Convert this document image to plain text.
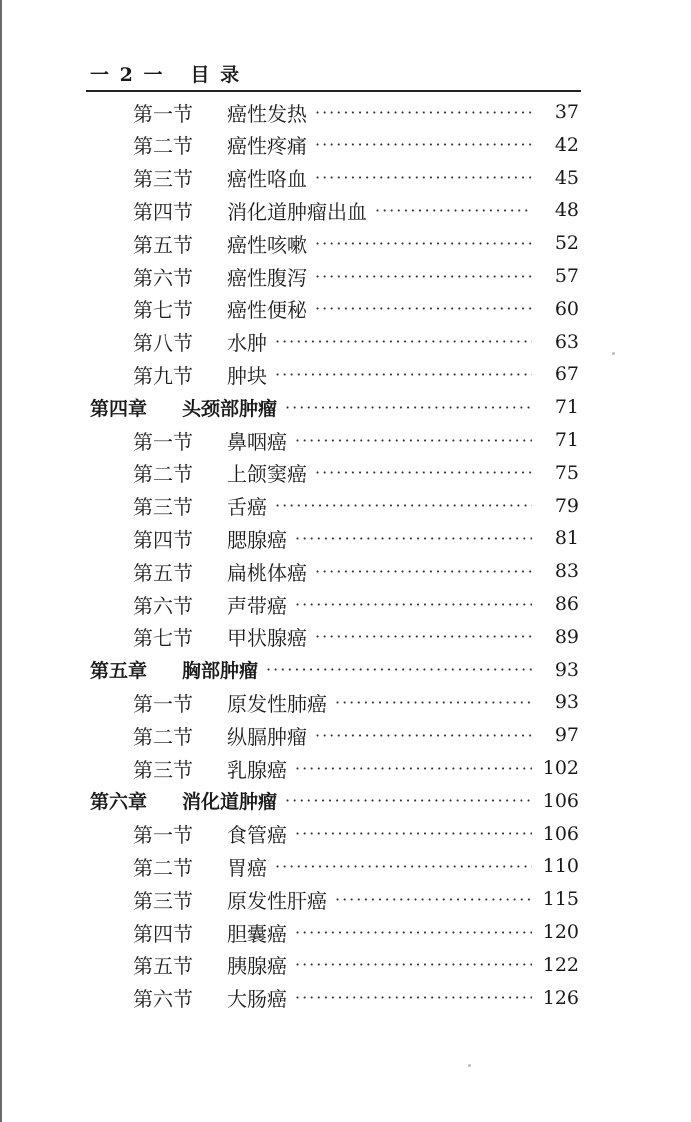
一 2 一 目 录
第一节	癌性发热 ·····	37
第二节	癌性疼痛 ·····	42
第三节	癌性咯血 ·····	45
第四节	消化道肿瘤出血 ·····	48
第五节	癌性咳嗽 ·····	52
第六节	癌性腹泻 ·····	57
第七节	癌性便秘 ·····	60
第八节	水肿 ·····	63
第九节	肿块 ·····	67
第四章	头颈部肿瘤 ·····	71
第一节	鼻咽癌 ·····	71
第二节	上颌窦癌 ·····	75
第三节	舌癌 ·····	79
第四节	腮腺癌 ·····	81
第五节	扁桃体癌 ·····	83
第六节	声带癌 ·····	86
第七节	甲状腺癌 ·····	89
第五章	胸部肿瘤 ·····	93
第一节	原发性肺癌 ·····	93
第二节	纵膈肿瘤 ·····	97
第三节	乳腺癌 ·····	102
第六章	消化道肿瘤 ·····	106
第一节	食管癌 ·····	106
第二节	胃癌 ·····	110
第三节	原发性肝癌 ·····	115
第四节	胆囊癌 ·····	120
第五节	胰腺癌 ·····	122
第六节	大肠癌 ·····	126
